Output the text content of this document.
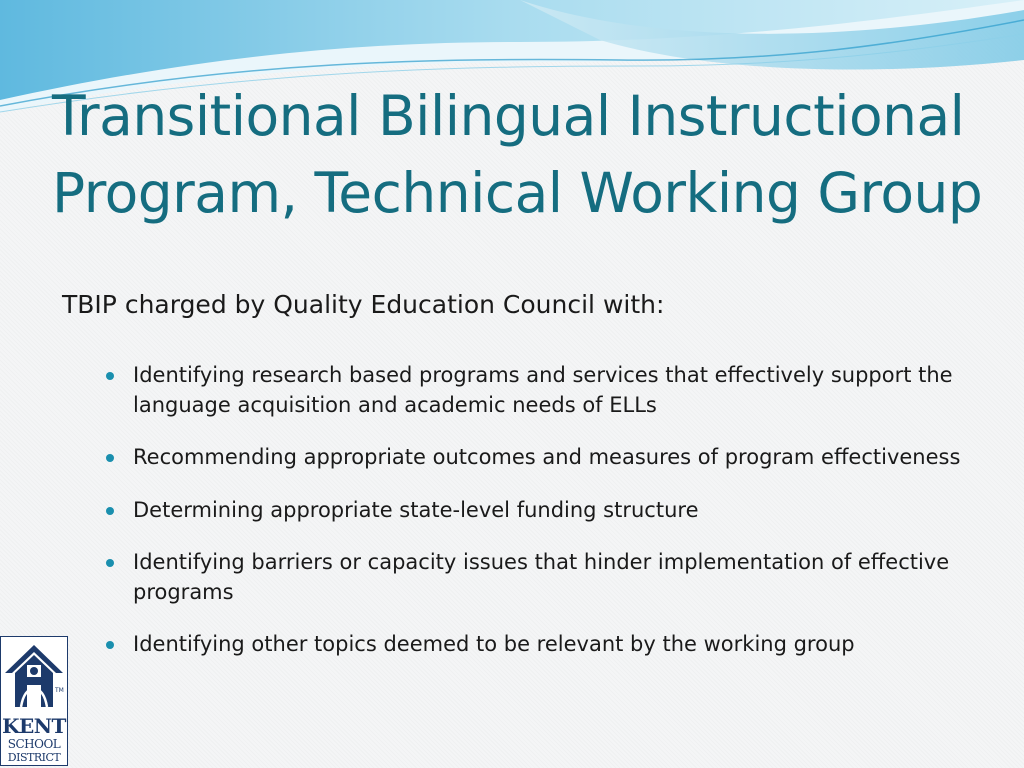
Transitional Bilingual Instructional Program, Technical Working Group

TBIP charged by Quality Education Council with:

Identifying research based programs and services that effectively support the language acquisition and academic needs of ELLs
Recommending appropriate outcomes and measures of program effectiveness
Determining appropriate state-level funding structure
Identifying barriers or capacity issues that hinder implementation of effective programs
Identifying other topics deemed to be relevant by the working group
TM
KENT
SCHOOL
DISTRICT
